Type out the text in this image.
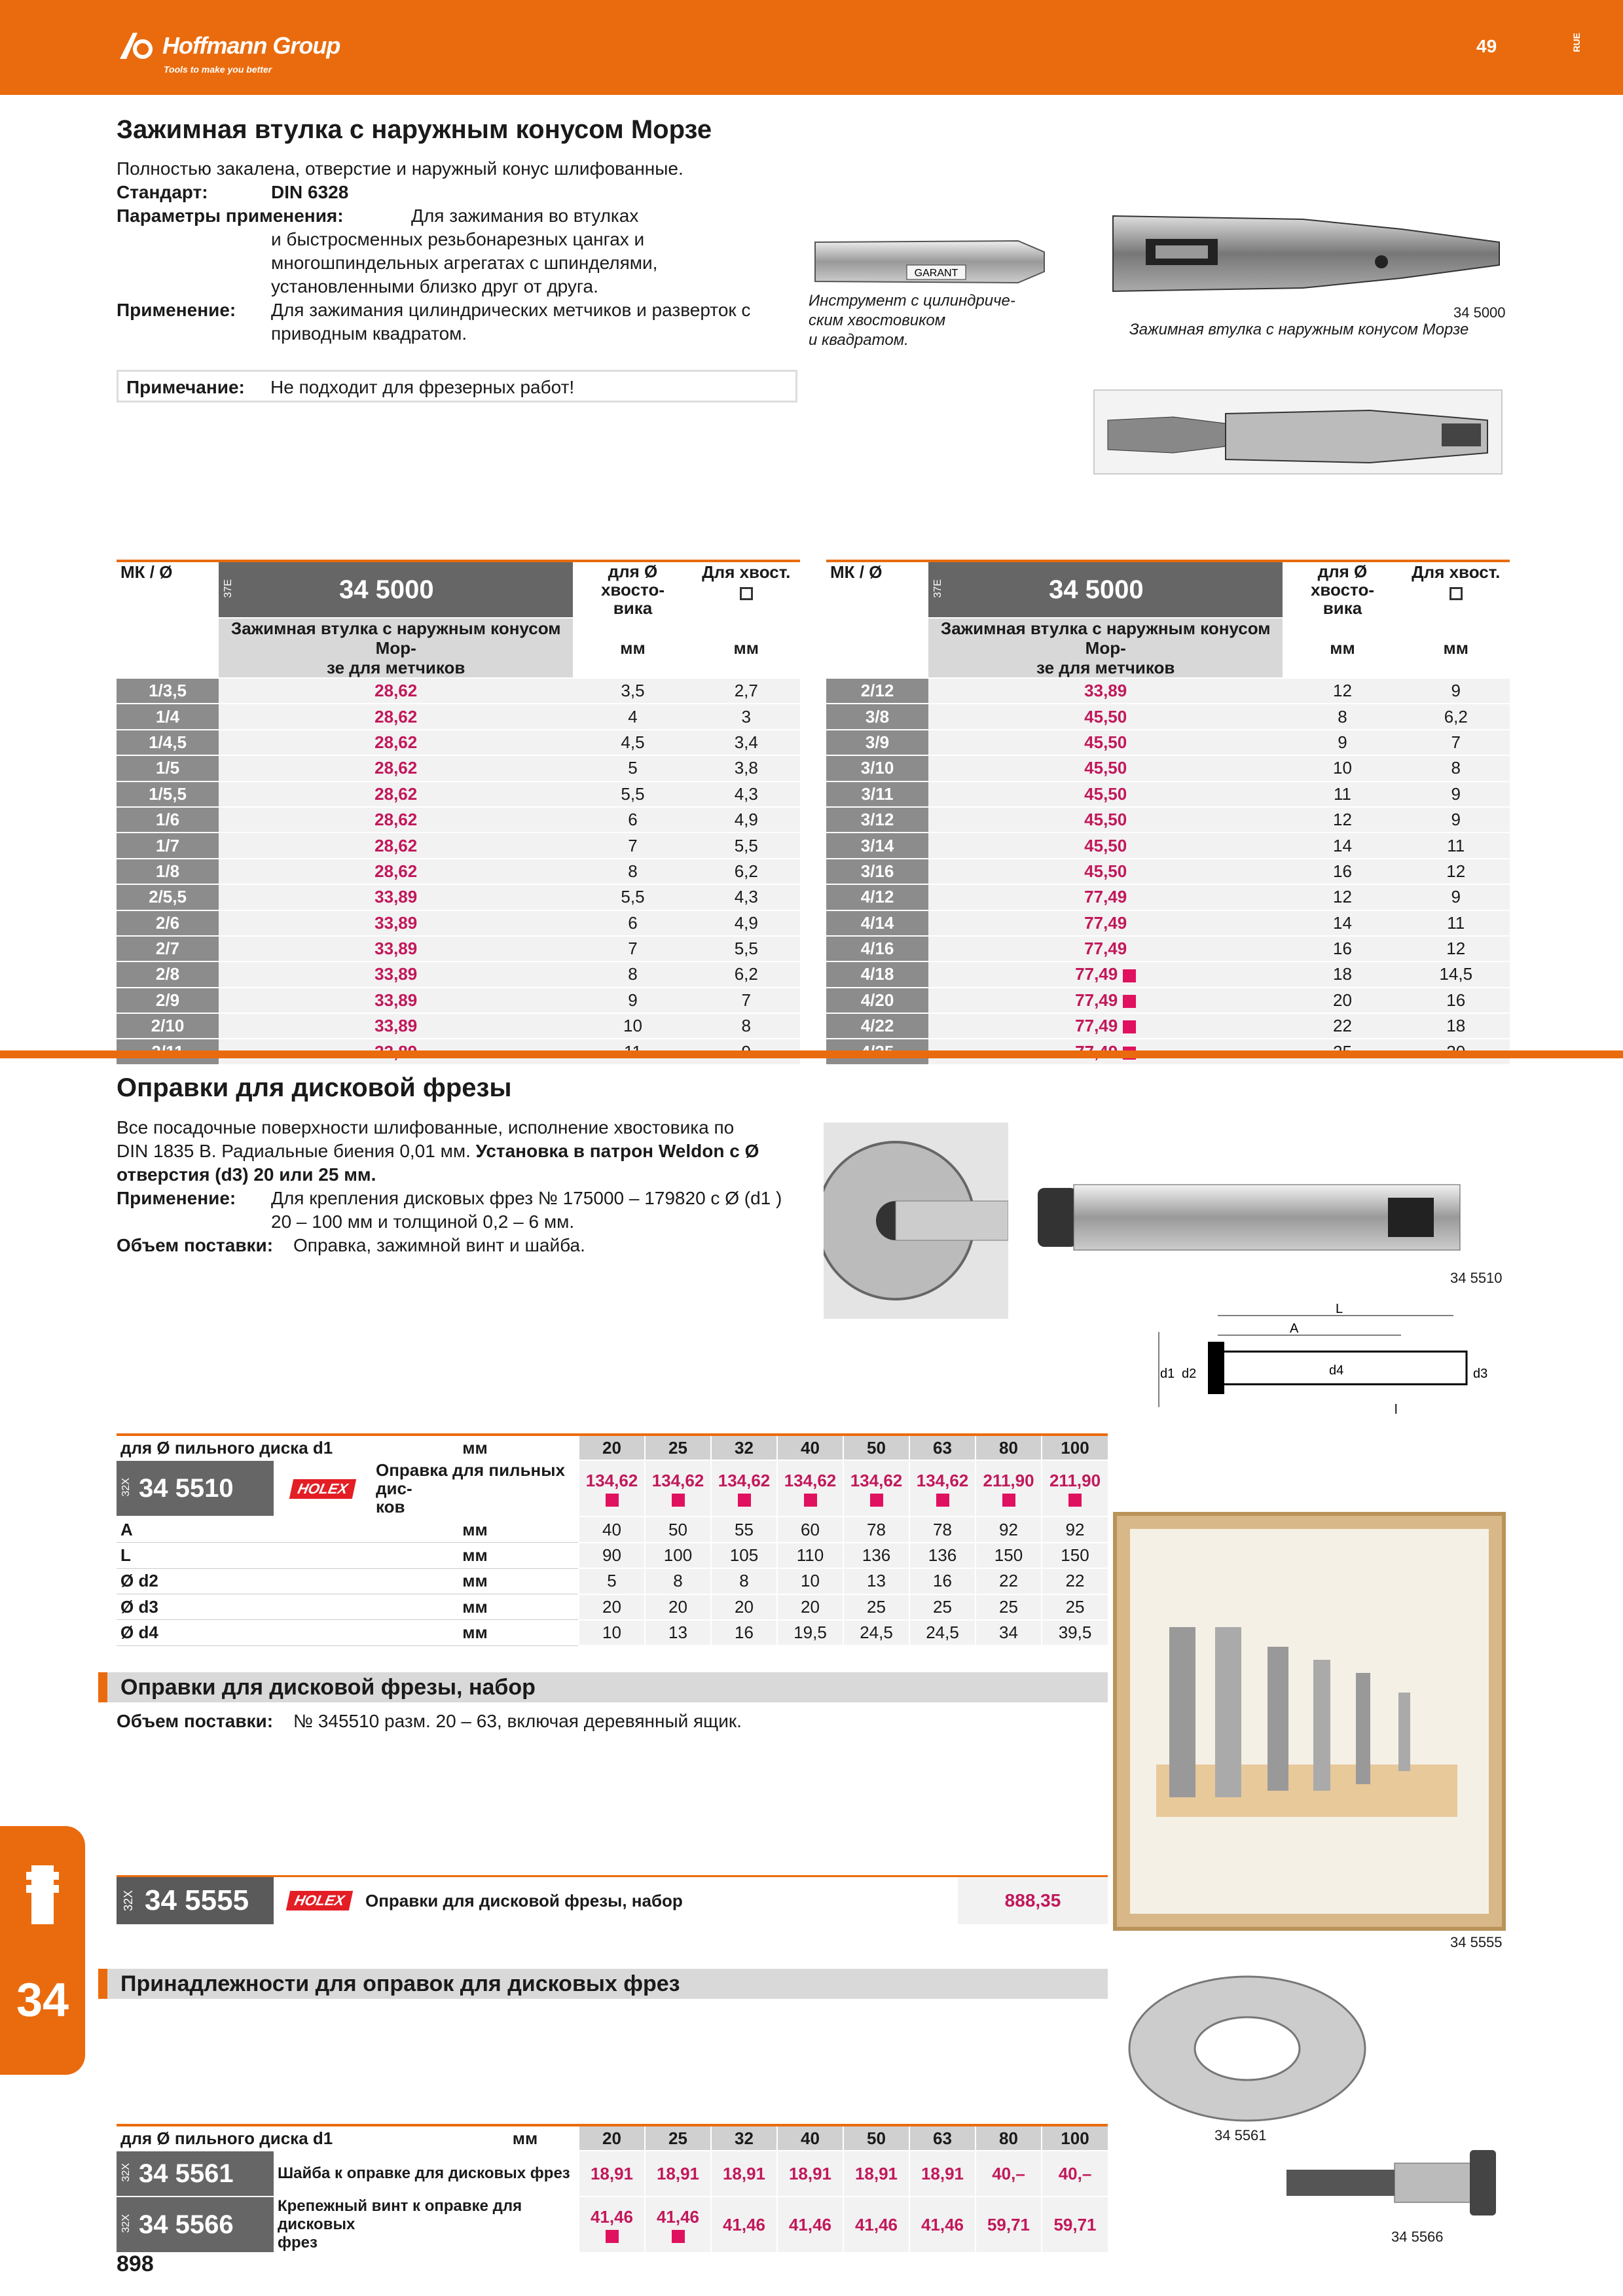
Hoffmann Group
Tools to make you better
49	RUE
Зажимная втулка с наружным конусом Морзе
Полностью закалена, отверстие и наружный конус шлифованные.
Стандарт:	DIN 6328
Параметры применения:	Для зажимания во втулках
и быстросменных резьбонарезных цангах и
многошпиндельных агрегатах с шпинделями,
установленными близко друг от друга.
Применение: Для зажимания цилиндрических метчиков и разверток с
приводным квадратом.
Примечание: Не подходит для фрезерных работ!
GARANT
Инструмент с цилиндриче-
ским хвостовиком
и квадратом.
34 5000
Зажимная втулка с наружным конусом Морзе
МК / Ø	37E 34 5000	для Ø хвосто-
вика	Для хвост.

	Зажимная втулка с наружным конусом Мор-
зе для метчиков	мм	мм
1/3,5	28,62	3,5	2,7
1/4	28,62	4	3
1/4,5	28,62	4,5	3,4
1/5	28,62	5	3,8
1/5,5	28,62	5,5	4,3
1/6	28,62	6	4,9
1/7	28,62	7	5,5
1/8	28,62	8	6,2
2/5,5	33,89	5,5	4,3
2/6	33,89	6	4,9
2/7	33,89	7	5,5
2/8	33,89	8	6,2
2/9	33,89	9	7
2/10	33,89	10	8

МК / Ø	37E 34 5000	для Ø хвосто-
вика	Для хвост.

	Зажимная втулка с наружным конусом Мор-
зе для метчиков	мм	мм
2/12	33,89	12	9
3/8	45,50	8	6,2
3/9	45,50	9	7
3/10	45,50	10	8
3/11	45,50	11	9
3/12	45,50	12	9
3/14	45,50	14	11
3/16	45,50	16	12
4/12	77,49	12	9
4/14	77,49	14	11
4/16	77,49	16	12
4/18	77,49	18	14,5
4/20	77,49	20	16
4/22	77,49	22	18

Оправки для дисковой фрезы
Все посадочные поверхности шлифованные, исполнение хвостовика по
DIN 1835 B. Радиальные биения 0,01 мм. Установка в патрон Weldon с Ø
отверстия (d3) 20 или 25 мм.
Применение: Для крепления дисковых фрез № 175000 – 179820 с Ø (d1 )
20 – 100 мм и толщиной 0,2 – 6 мм.
Объем поставки: Оправка, зажимной винт и шайба.
34 5510
L
A
d1 d2	d4	d3
l
для Ø пильного диска d1		мм	20	25	32	40	50	63	80	100
32X 34 5510	HOLEX	Оправка для пильных дис-
ков	134,62	134,62	134,62	134,62	134,62	134,62	211,90	211,90

A		мм	40	50	55	60	78	78	92	92
L		мм	90	100	105	110	136	136	150	150
Ø d2		мм	5	8	8	10	13	16	22	22
Ø d3		мм	20	20	20	20	25	25	25	25
Ø d4		мм	10	13	16	19,5	24,5	24,5	34	39,5
Оправки для дисковой фрезы, набор
Объем поставки: № 345510 разм. 20 – 63, включая деревянный ящик.
32X 34 5555	HOLEX	Оправки для дисковой фрезы, набор	888,35
34 5555
Принадлежности для оправок для дисковых фрез
34 5561
34 5566
для Ø пильного диска d1		мм	20	25	32	40	50	63	80	100
32X 34 5561	Шайба к оправке для дисковых фрез		18,91	18,91	18,91	18,91	18,91	18,91	40,–	40,–
32X 34 5566	Крепежный винт к оправке для дисковых
фрез		41,46	41,46	41,46	41,46	41,46	41,46	59,71	59,71
34
898
